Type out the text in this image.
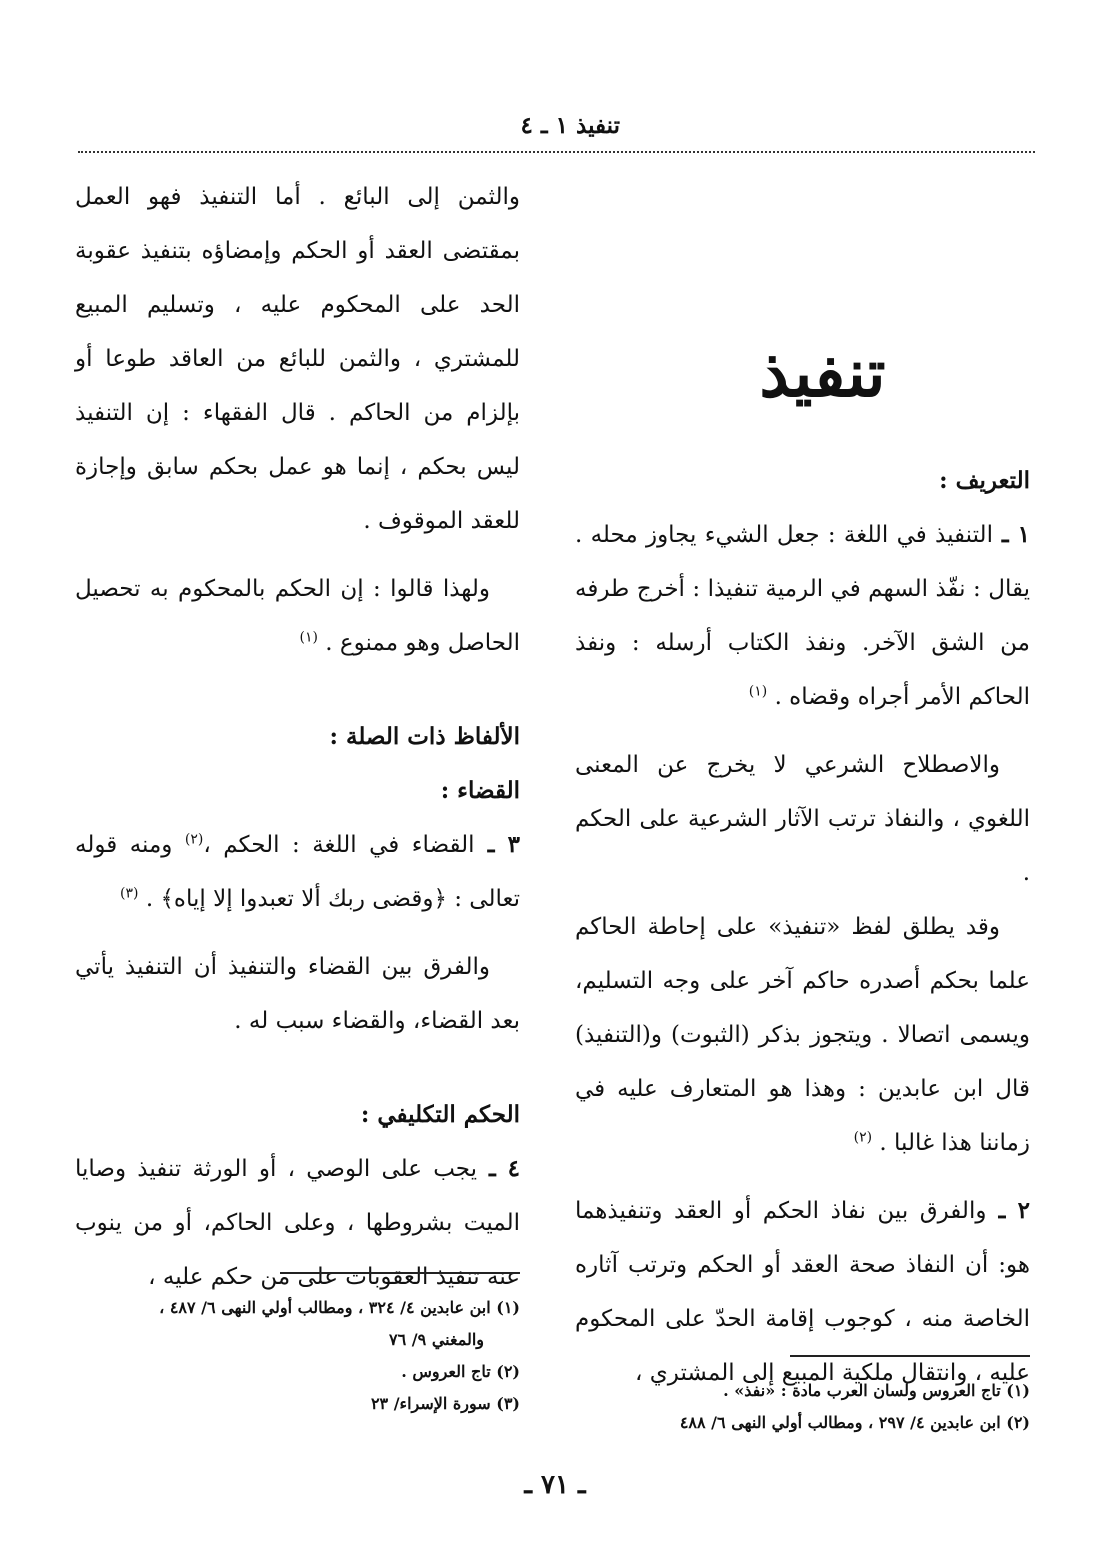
تنفيذ ١ ـ ٤

تنفيذ

التعريف :

١ ـ التنفيذ في اللغة : جعل الشيء يجاوز محله . يقال : نفّذ السهم في الرمية تنفيذا : أخرج طرفه من الشق الآخر. ونفذ الكتاب أرسله : ونفذ الحاكم الأمر أجراه وقضاه . $^{(١)}$

والاصطلاح الشرعي لا يخرج عن المعنى اللغوي ، والنفاذ ترتب الآثار الشرعية على الحكم .

وقد يطلق لفظ «تنفيذ» على إحاطة الحاكم علما بحكم أصدره حاكم آخر على وجه التسليم، ويسمى اتصالا . ويتجوز بذكر (الثبوت) و(التنفيذ) قال ابن عابدين : وهذا هو المتعارف عليه في زماننا هذا غالبا . $^{(٢)}$

٢ ـ والفرق بين نفاذ الحكم أو العقد وتنفيذهما هو: أن النفاذ صحة العقد أو الحكم وترتب آثاره الخاصة منه ، كوجوب إقامة الحدّ على المحكوم عليه ، وانتقال ملكية المبيع إلى المشتري ،

والثمن إلى البائع . أما التنفيذ فهو العمل بمقتضى العقد أو الحكم وإمضاؤه بتنفيذ عقوبة الحد على المحكوم عليه ، وتسليم المبيع للمشتري ، والثمن للبائع من العاقد طوعا أو بإلزام من الحاكم . قال الفقهاء : إن التنفيذ ليس بحكم ، إنما هو عمل بحكم سابق وإجازة للعقد الموقوف .

ولهذا قالوا : إن الحكم بالمحكوم به تحصيل الحاصل وهو ممنوع . $^{(١)}$

الألفاظ ذات الصلة :

القضاء :

٣ ـ القضاء في اللغة : الحكم ،$^{(٢)}$ ومنه قوله تعالى : ﴿وقضى ربك ألا تعبدوا إلا إياه﴾ . $^{(٣)}$

والفرق بين القضاء والتنفيذ أن التنفيذ يأتي بعد القضاء، والقضاء سبب له .

الحكم التكليفي :

٤ ـ يجب على الوصي ، أو الورثة تنفيذ وصايا الميت بشروطها ، وعلى الحاكم، أو من ينوب عنه تنفيذ العقوبات على من حكم عليه ،

(١) تاج العروس ولسان العرب مادة : «نفذ» .

(٢) ابن عابدين ٤/ ٢٩٧ ، ومطالب أولي النهى ٦/ ٤٨٨

(١) ابن عابدين ٤/ ٣٢٤ ، ومطالب أولي النهى ٦/ ٤٨٧ ،

والمغني ٩/ ٧٦

(٢) تاج العروس .

(٣) سورة الإسراء/ ٢٣

ـ ٧١ ـ
